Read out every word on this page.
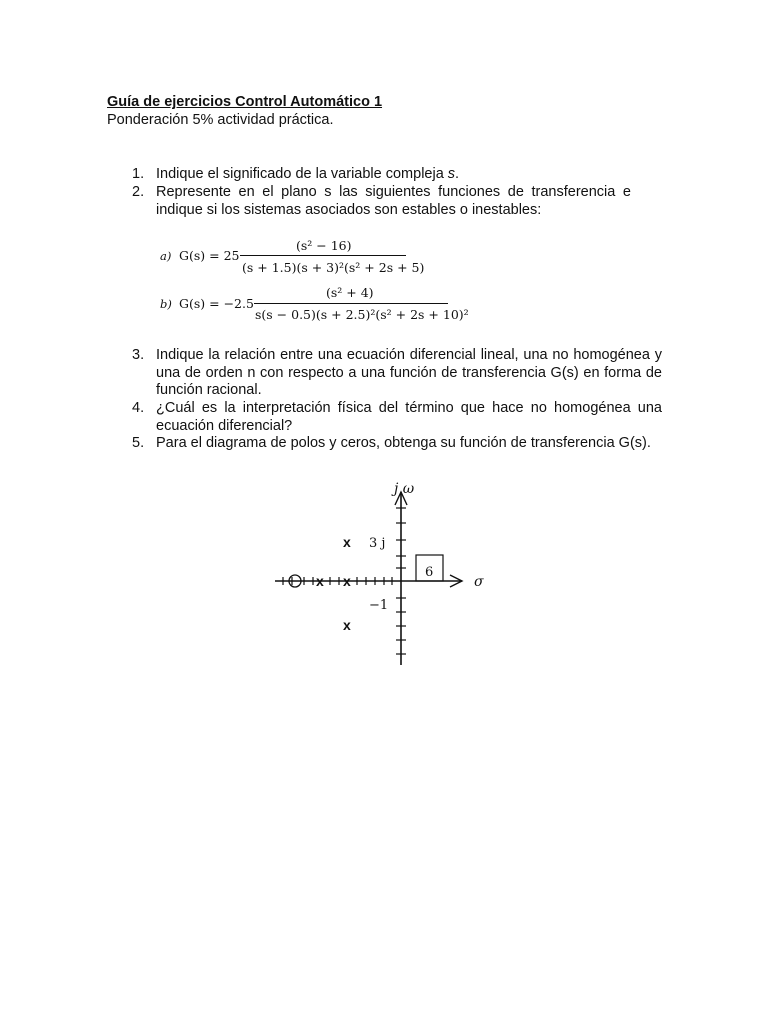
Guía de ejercicios Control Automático 1
Ponderación 5% actividad práctica.
1. Indique el significado de la variable compleja s.
2. Represente en el plano s las siguientes funciones de transferencia e indique si los sistemas asociados son estables o inestables:
a) G(s) = 25
(s² − 16)
(s + 1.5)(s + 3)²(s² + 2s + 5)
b) G(s) = −2.5
(s² + 4)
s(s − 0.5)(s + 2.5)²(s² + 2s + 10)²
3. Indique la relación entre una ecuación diferencial lineal, una no homogénea y una de orden n con respecto a una función de transferencia G(s) en forma de función racional.
4. ¿Cuál es la interpretación física del término que hace no homogénea una ecuación diferencial?
5. Para el diagrama de polos y ceros, obtenga su función de transferencia G(s).
j ω
σ
3 j
−1
6
x
x
x
x
